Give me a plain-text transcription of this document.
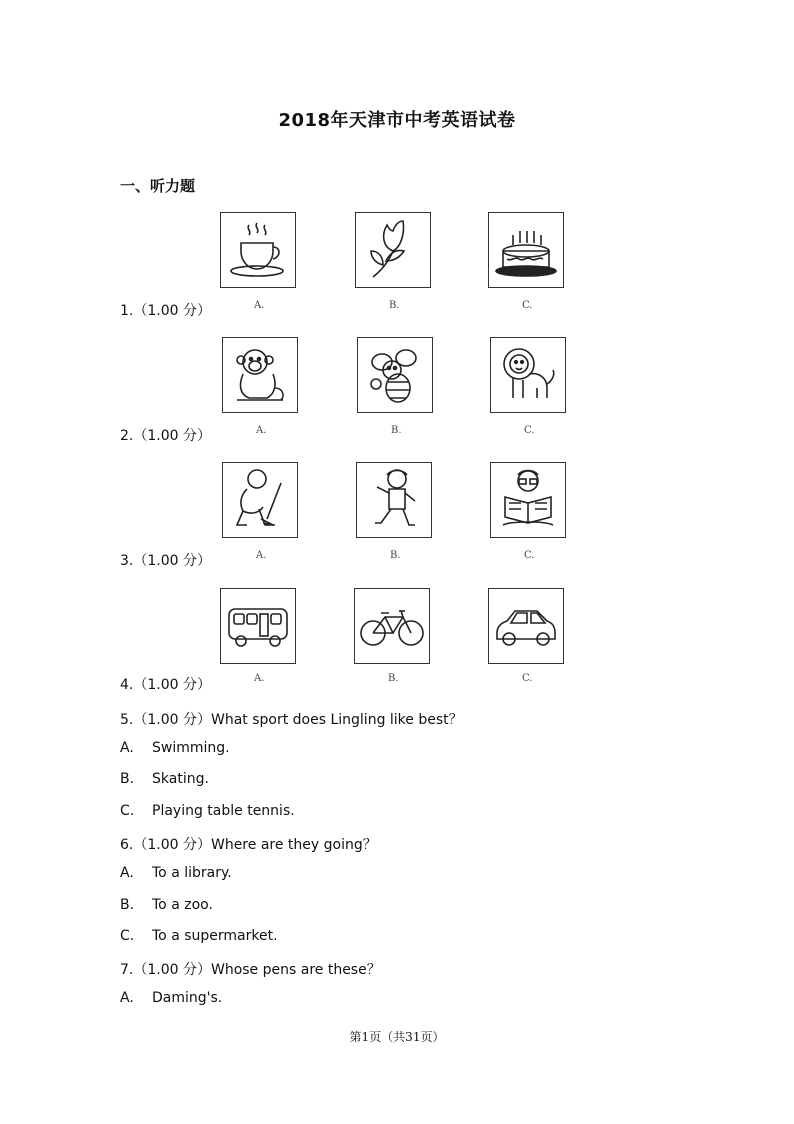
2018年天津市中考英语试卷
一、听力题
1.（1.00 分）	A.	B.	C.
2.（1.00 分）	A.	B.	C.
3.（1.00 分）	A.	B.	C.
4.（1.00 分）	A.	B.	C.
5.（1.00 分）What sport does Lingling like best？
A. Swimming.
B. Skating.
C. Playing table tennis.
6.（1.00 分）Where are they going？
A. To a library.
B. To a zoo.
C. To a supermarket.
7.（1.00 分）Whose pens are these？
A. Daming's.
第1页（共31页）
